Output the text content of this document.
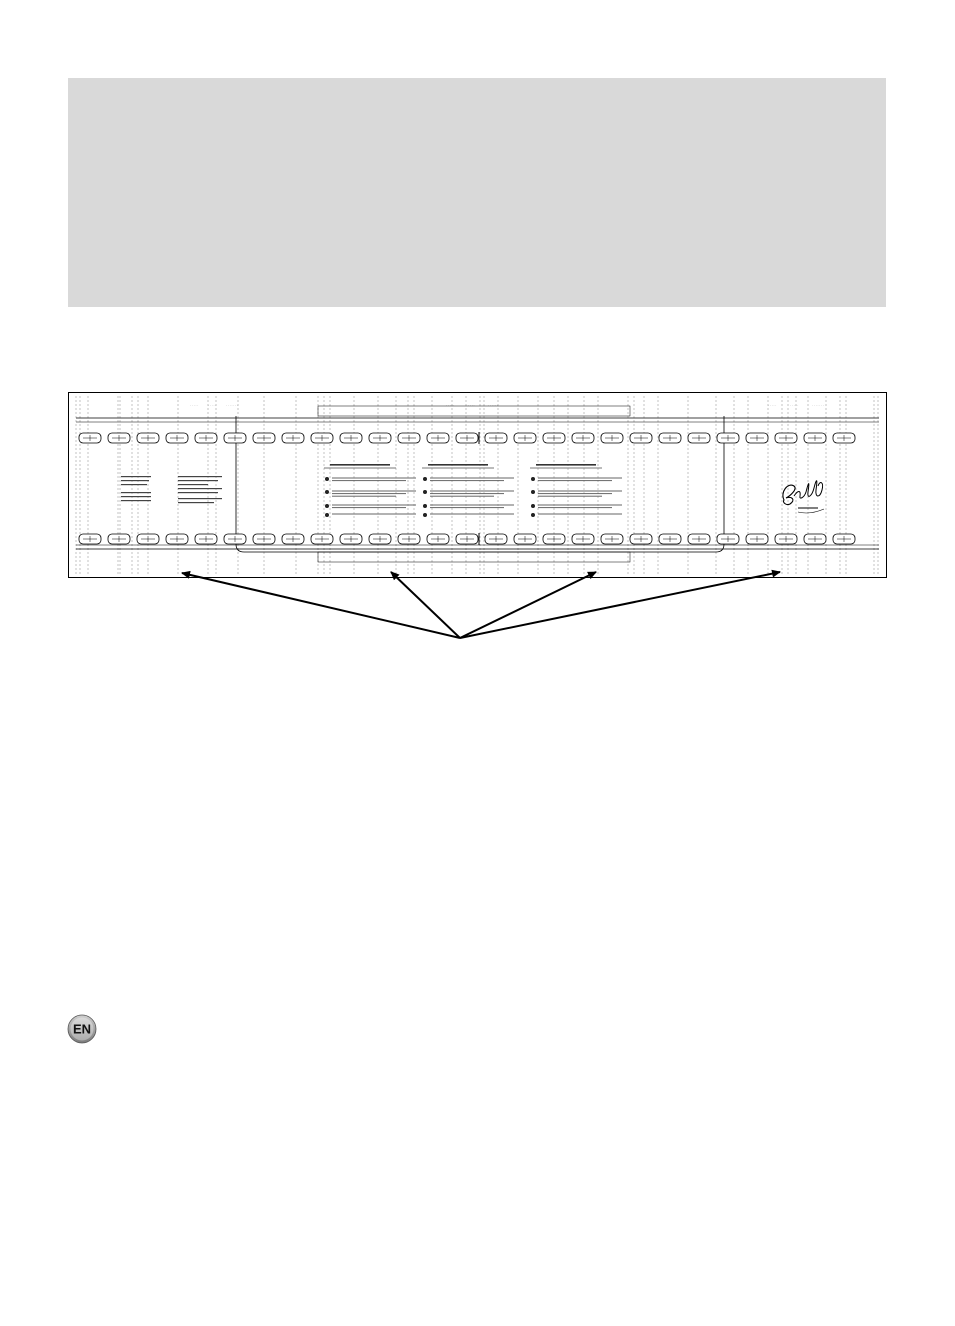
· · · · ·	· · · · ·	· · · · · · ·	· · · · ·	· · · ·	· · · · · ·	· · · · ·	· · · · ·	· · · · · · ·
EN
